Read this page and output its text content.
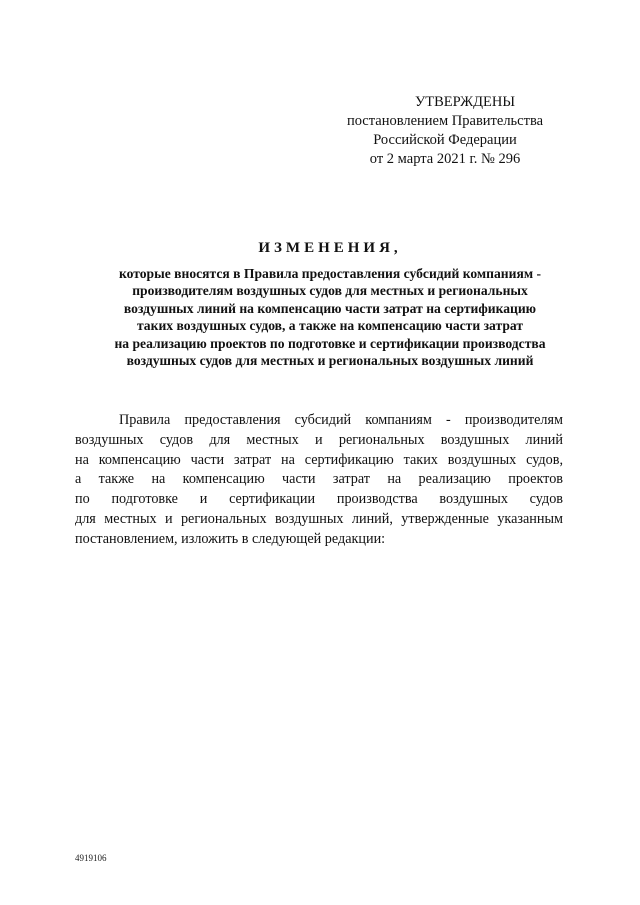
УТВЕРЖДЕНЫ
постановлением Правительства
Российской Федерации
от 2 марта 2021 г. № 296
ИЗМЕНЕНИЯ,
которые вносятся в Правила предоставления субсидий компаниям -
производителям воздушных судов для местных и региональных
воздушных линий на компенсацию части затрат на сертификацию
таких воздушных судов, а также на компенсацию части затрат
на реализацию проектов по подготовке и сертификации производства
воздушных судов для местных и региональных воздушных линий
Правила предоставления субсидий компаниям - производителям
воздушных судов для местных и региональных воздушных линий
на компенсацию части затрат на сертификацию таких воздушных судов,
а также на компенсацию части затрат на реализацию проектов
по подготовке и сертификации производства воздушных судов
для местных и региональных воздушных линий, утвержденные указанным
постановлением, изложить в следующей редакции:
4919106
